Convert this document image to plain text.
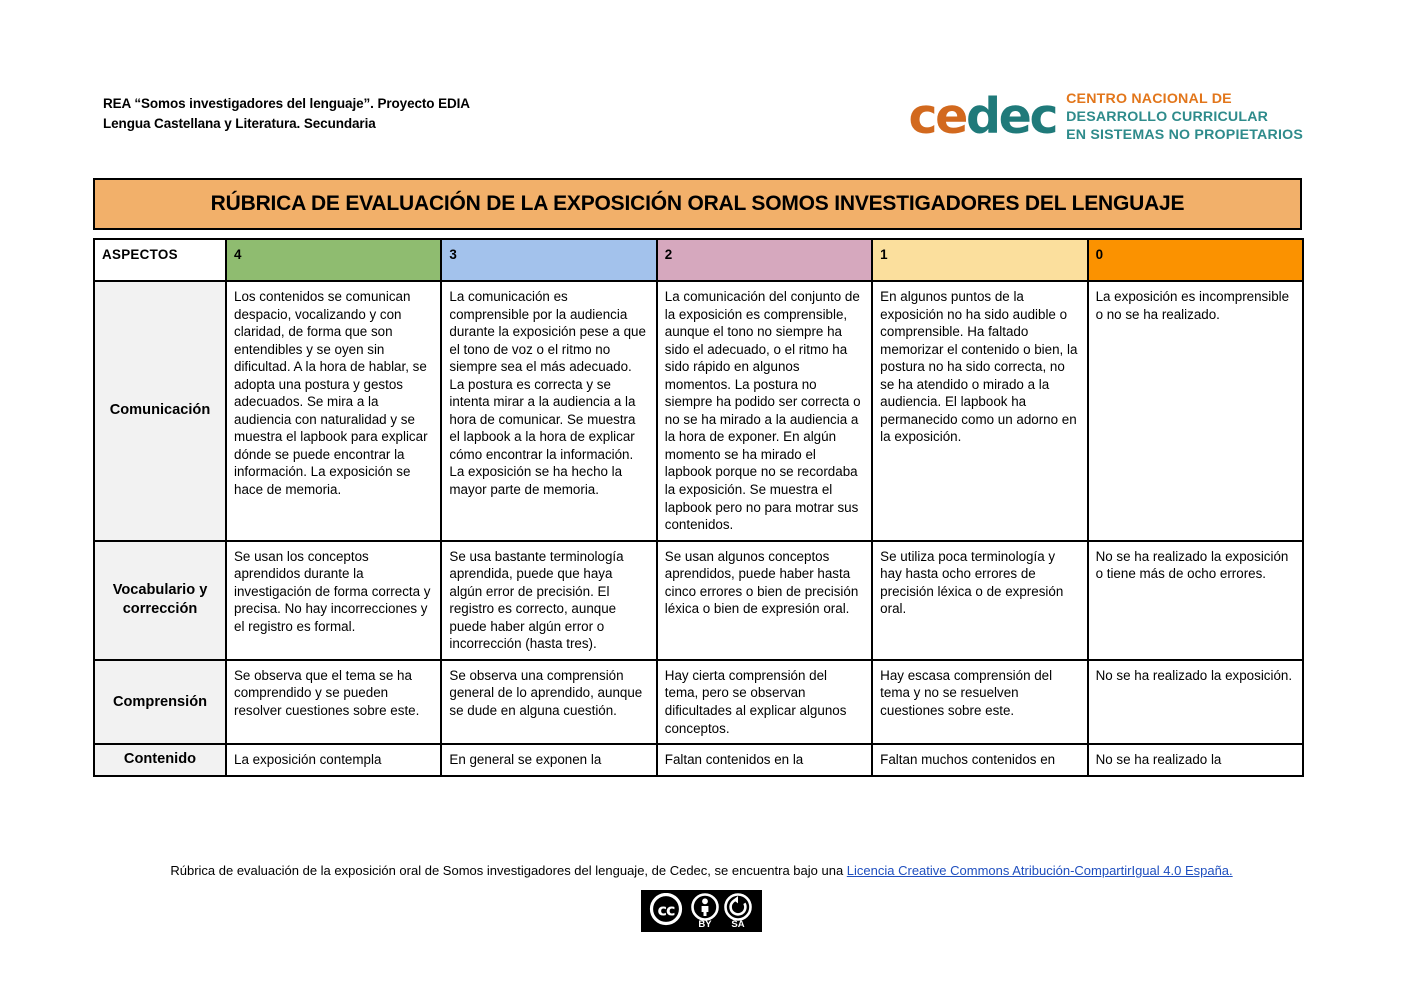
REA “Somos investigadores del lenguaje”. Proyecto EDIA
Lengua Castellana y Literatura. Secundaria	cedec CENTRO NACIONAL DE
DESARROLLO CURRICULAR
EN SISTEMAS NO PROPIETARIOS
RÚBRICA DE EVALUACIÓN DE LA EXPOSICIÓN ORAL SOMOS INVESTIGADORES DEL LENGUAJE
ASPECTOS	4	3	2	1	0
Comunicación	Los contenidos se comunican despacio, vocalizando y con claridad, de forma que son entendibles y se oyen sin dificultad. A la hora de hablar, se adopta una postura y gestos adecuados. Se mira a la audiencia con naturalidad y se muestra el lapbook para explicar dónde se puede encontrar la información. La exposición se hace de memoria.	La comunicación es comprensible por la audiencia durante la exposición pese a que el tono de voz o el ritmo no siempre sea el más adecuado. La postura es correcta y se intenta mirar a la audiencia a la hora de comunicar. Se muestra el lapbook a la hora de explicar cómo encontrar la información. La exposición se ha hecho la mayor parte de memoria.	La comunicación del conjunto de la exposición es comprensible, aunque el tono no siempre ha sido el adecuado, o el ritmo ha sido rápido en algunos momentos. La postura no siempre ha podido ser correcta o no se ha mirado a la audiencia a la hora de exponer. En algún momento se ha mirado el lapbook porque no se recordaba la exposición. Se muestra el lapbook pero no para motrar sus contenidos.	En algunos puntos de la exposición no ha sido audible o comprensible. Ha faltado memorizar el contenido o bien, la postura no ha sido correcta, no se ha atendido o mirado a la audiencia. El lapbook ha permanecido como un adorno en la exposición.	La exposición es incomprensible o no se ha realizado.
Vocabulario y corrección	Se usan los conceptos aprendidos durante la investigación de forma correcta y precisa. No hay incorrecciones y el registro es formal.	Se usa bastante terminología aprendida, puede que haya algún error de precisión. El registro es correcto, aunque puede haber algún error o incorrección (hasta tres).	Se usan algunos conceptos aprendidos, puede haber hasta cinco errores o bien de precisión léxica o bien de expresión oral.	Se utiliza poca terminología y hay hasta ocho errores de precisión léxica o de expresión oral.	No se ha realizado la exposición o tiene más de ocho errores.
Comprensión	Se observa que el tema se ha comprendido y se pueden resolver cuestiones sobre este.	Se observa una comprensión general de lo aprendido, aunque se dude en alguna cuestión.	Hay cierta comprensión del tema, pero se observan dificultades al explicar algunos conceptos.	Hay escasa comprensión del tema y no se resuelven cuestiones sobre este.	No se ha realizado la exposición.
Contenido	La exposición contempla	En general se exponen la	Faltan contenidos en la	Faltan muchos contenidos en	No se ha realizado la
Rúbrica de evaluación de la exposición oral de Somos investigadores del lenguaje, de Cedec, se encuentra bajo una Licencia Creative Commons Atribución-CompartirIgual 4.0 España.
cc
BY SA
